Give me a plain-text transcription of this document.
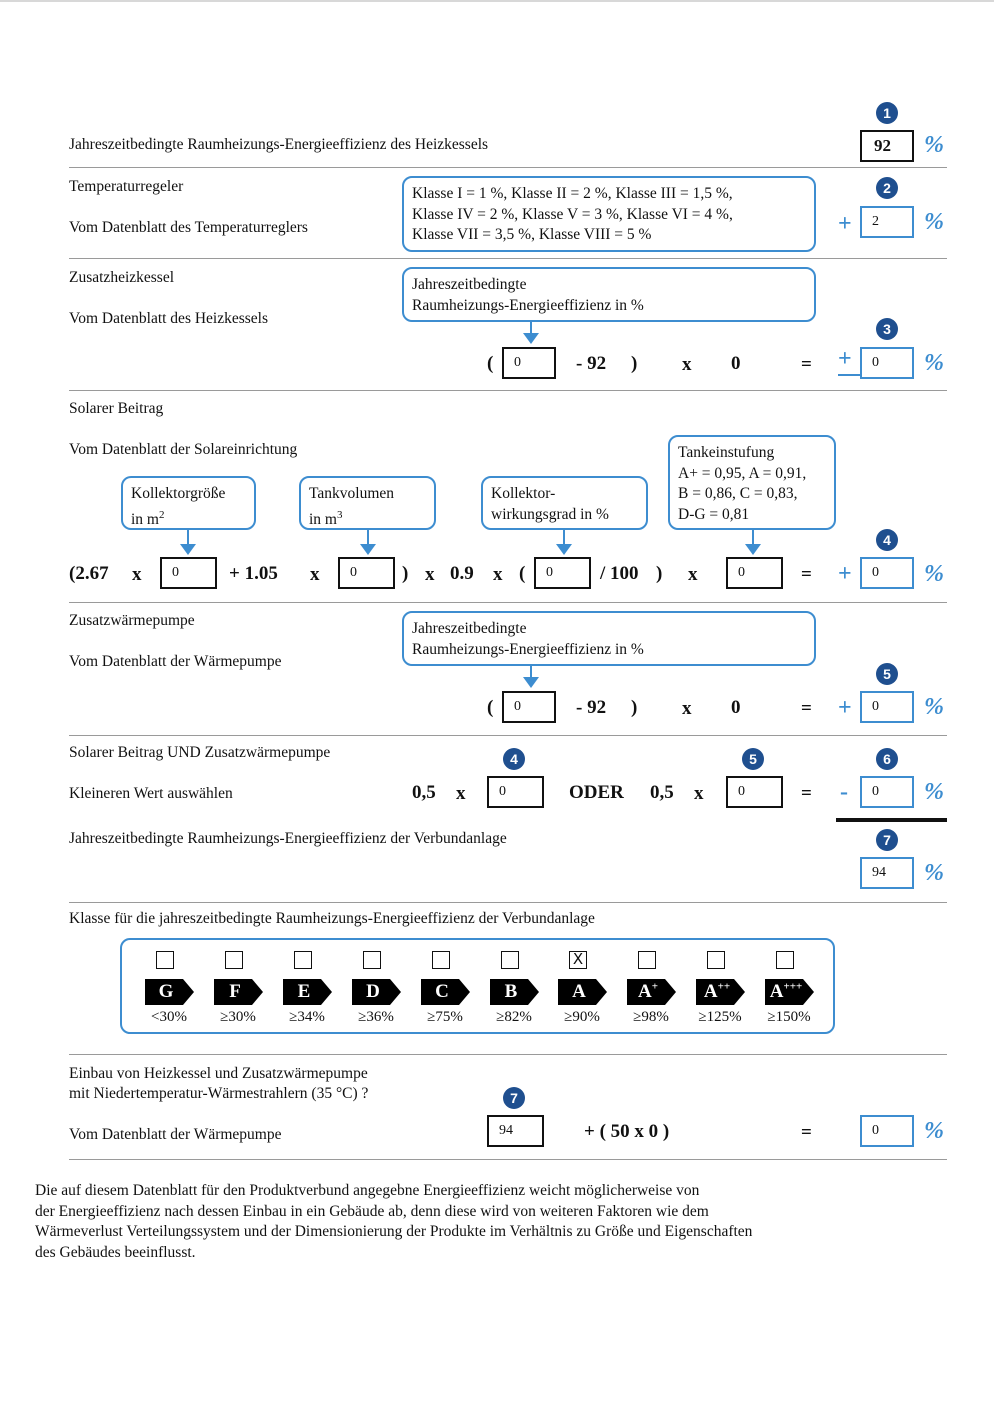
1
Jahreszeitbedingte Raumheizungs-Energieeffizienz des Heizkessels	92	%
Temperaturregeler
Vom Datenblatt des Temperaturreglers
Klasse I = 1 %, Klasse II = 2 %, Klasse III = 1,5 %,
Klasse IV = 2 %, Klasse V = 3 %, Klasse VI = 4 %,
Klasse VII = 3,5 %, Klasse VIII = 5 %
2
+	2	%
Zusatzheizkessel
Vom Datenblatt des Heizkessels
Jahreszeitbedingte
Raumheizungs-Energieeffizienz in %
(	0	- 92 ) x 0	=
3
+	0	%
Solarer Beitrag
Vom Datenblatt der Solareinrichtung
Kollektorgröße
in $m^2$
Tankvolumen
in $m^3$
Kollektor-
wirkungsgrad in %
Tankeinstufung
A+ = 0,95, A = 0,91,
B = 0,86, C = 0,83,
D-G = 0,81
(2.67 x	0	+ 1.05 x	0	) x 0.9 x (	0	/ 100 ) x	0	=
4
+	0	%
Zusatzwärmepumpe
Vom Datenblatt der Wärmepumpe
Jahreszeitbedingte
Raumheizungs-Energieeffizienz in %
(	0	- 92 ) x 0	=
5
+	0	%
Solarer Beitrag UND Zusatzwärmepumpe
Kleineren Wert auswählen
4	5
0,5 x	0	ODER 0,5 x	0	=
6
-	0	%
Jahreszeitbedingte Raumheizungs-Energieeffizienz der Verbundanlage	7
94	%
Klasse für die jahreszeitbedingte Raumheizungs-Energieeffizienz der Verbundanlage
G
<30%
F
≥30%
E
≥34%
D
≥36%
C
≥75%
B
≥82%
X
A
≥90%
A+
≥98%
A++
≥125%
A+++
≥150%
Einbau von Heizkessel und Zusatzwärmepumpe
mit Niedertemperatur-Wärmestrahlern (35 °C) ?
Vom Datenblatt der Wärmepumpe
7
94	+ ( 50 x 0 )	=	0	%
Die auf diesem Datenblatt für den Produktverbund angegebne Energieeffizienz weicht möglicherweise von
der Energieeffizienz nach dessen Einbau in ein Gebäude ab, denn diese wird von weiteren Faktoren wie dem
Wärmeverlust Verteilungssystem und der Dimensionierung der Produkte im Verhältnis zu Größe und Eigenschaften
des Gebäudes beeinflusst.
